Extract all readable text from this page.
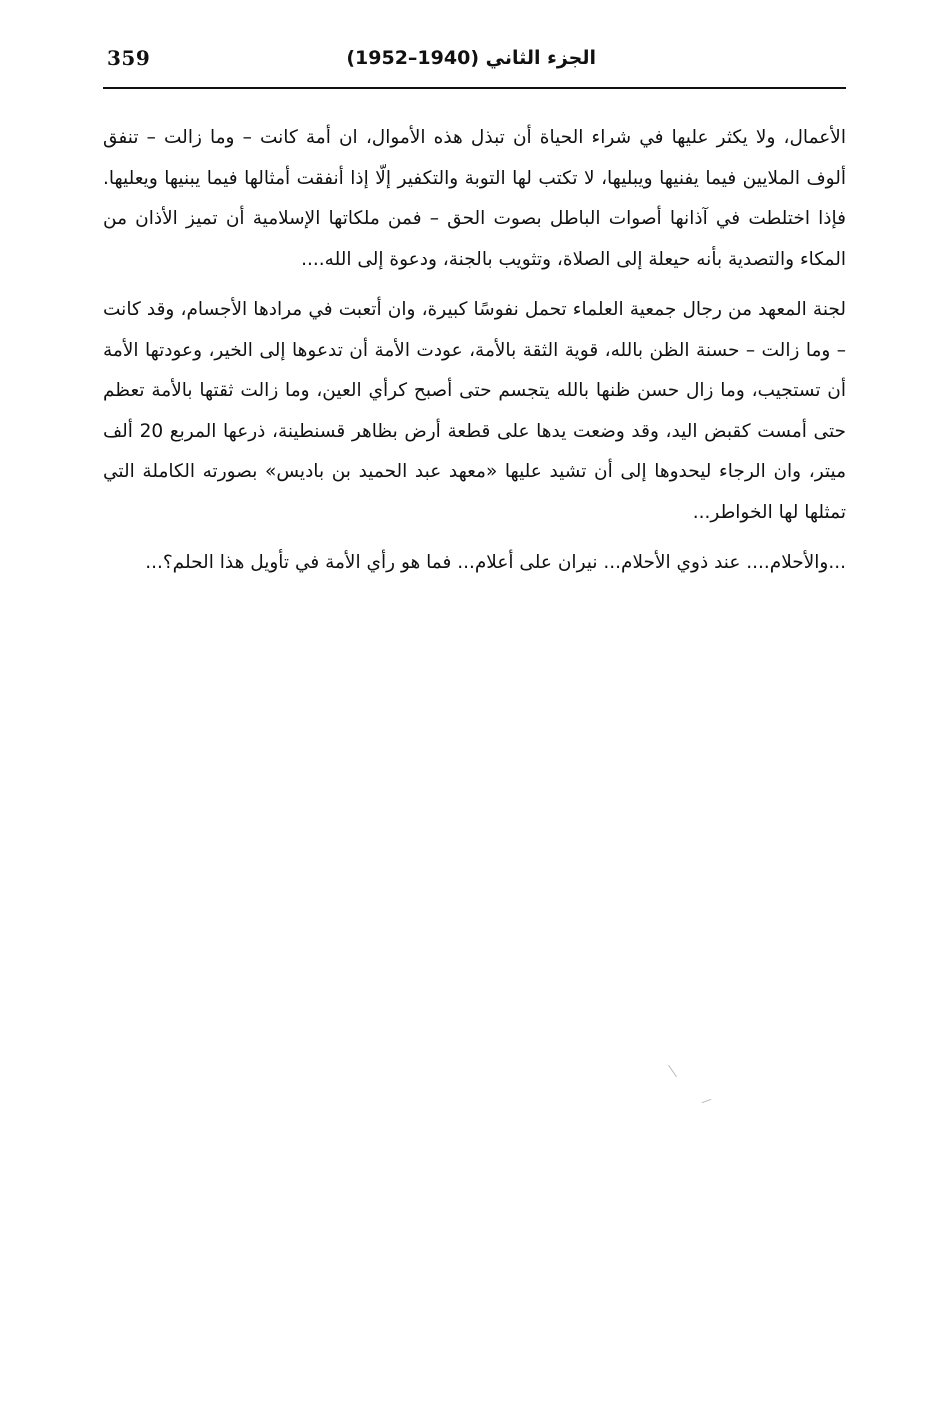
359	الجزء الثاني (1940–1952)

الأعمال، ولا يكثر عليها في شراء الحياة أن تبذل هذه الأموال، ان أمة كانت – وما زالت – تنفق ألوف الملايين فيما يفنيها ويبليها، لا تكتب لها التوبة والتكفير إلّا إذا أنفقت أمثالها فيما يبنيها ويعليها. فإذا اختلطت في آذانها أصوات الباطل بصوت الحق – فمن ملكاتها الإسلامية أن تميز الأذان من المكاء والتصدية بأنه حيعلة إلى الصلاة، وتثويب بالجنة، ودعوة إلى الله....

لجنة المعهد من رجال جمعية العلماء تحمل نفوسًا كبيرة، وان أتعبت في مرادها الأجسام، وقد كانت – وما زالت – حسنة الظن بالله، قوية الثقة بالأمة، عودت الأمة أن تدعوها إلى الخير، وعودتها الأمة أن تستجيب، وما زال حسن ظنها بالله يتجسم حتى أصبح كرأي العين، وما زالت ثقتها بالأمة تعظم حتى أمست كقبض اليد، وقد وضعت يدها على قطعة أرض بظاهر قسنطينة، ذرعها المربع 20 ألف ميتر، وان الرجاء ليحدوها إلى أن تشيد عليها «معهد عبد الحميد بن باديس» بصورته الكاملة التي تمثلها لها الخواطر...

...والأحلام.... عند ذوي الأحلام... نيران على أعلام... فما هو رأي الأمة في تأويل هذا الحلم؟...
